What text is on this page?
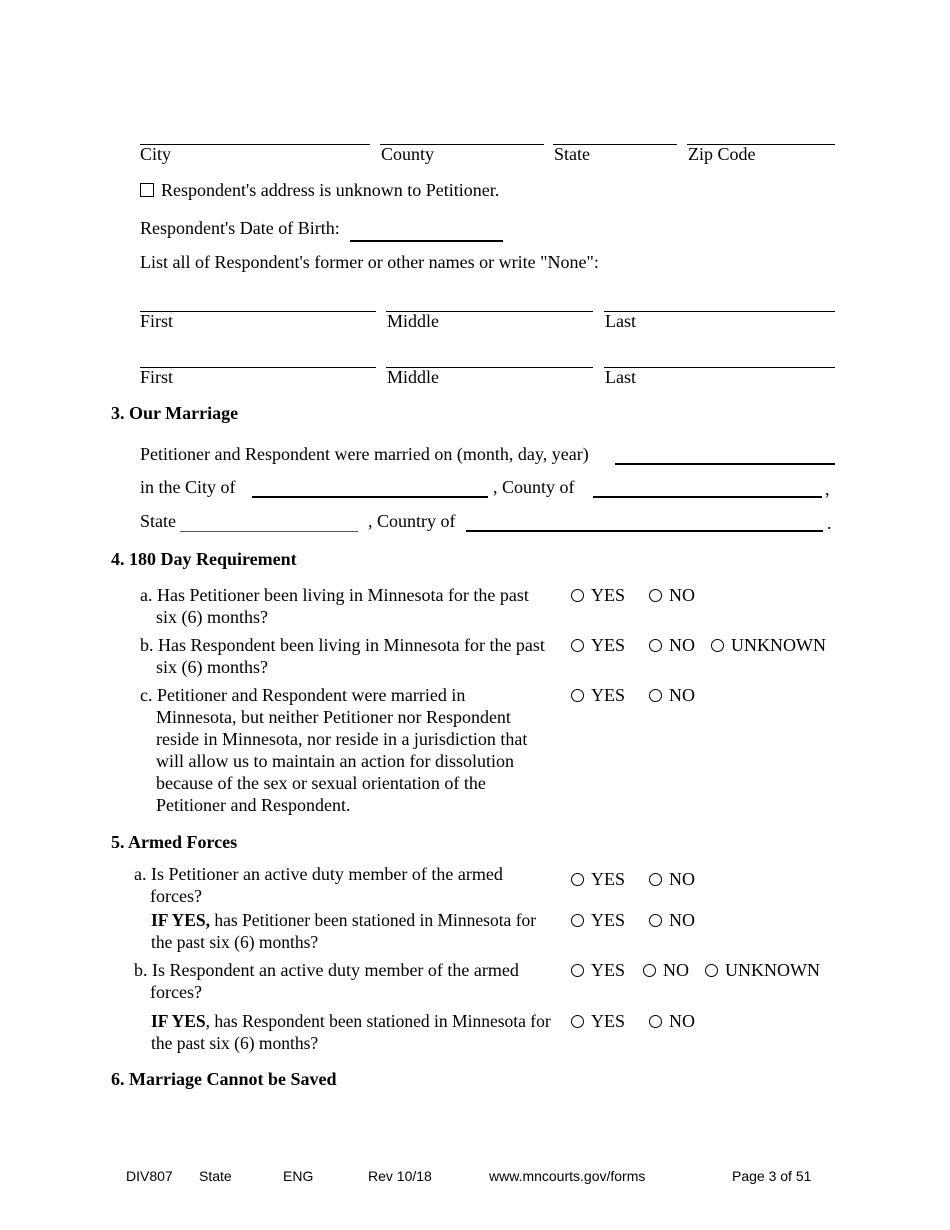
City	County	State	Zip Code
Respondent's address is unknown to Petitioner.
Respondent's Date of Birth:
List all of Respondent's former or other names or write "None":
First	Middle	Last
First	Middle	Last
3. Our Marriage
Petitioner and Respondent were married on (month, day, year)
in the City of	, County of	,
State	, Country of	.
4. 180 Day Requirement
a. Has Petitioner been living in Minnesota for the past

six (6) months?
YES NO
b. Has Respondent been living in Minnesota for the past

six (6) months?
YES NO UNKNOWN
c. Petitioner and Respondent were married in

Minnesota, but neither Petitioner nor Respondent
reside in Minnesota, nor reside in a jurisdiction that
will allow us to maintain an action for dissolution
because of the sex or sexual orientation of the
Petitioner and Respondent.
YES NO
5. Armed Forces
a. Is Petitioner an active duty member of the armed

forces?
YES NO
IF YES, has Petitioner been stationed in Minnesota for
the past six (6) months?
YES NO
b. Is Respondent an active duty member of the armed

forces?
YES NO UNKNOWN
IF YES, has Respondent been stationed in Minnesota for
the past six (6) months?
YES NO
6. Marriage Cannot be Saved
DIV807 State	ENG	Rev 10/18	www.mncourts.gov/forms	Page 3 of 51
